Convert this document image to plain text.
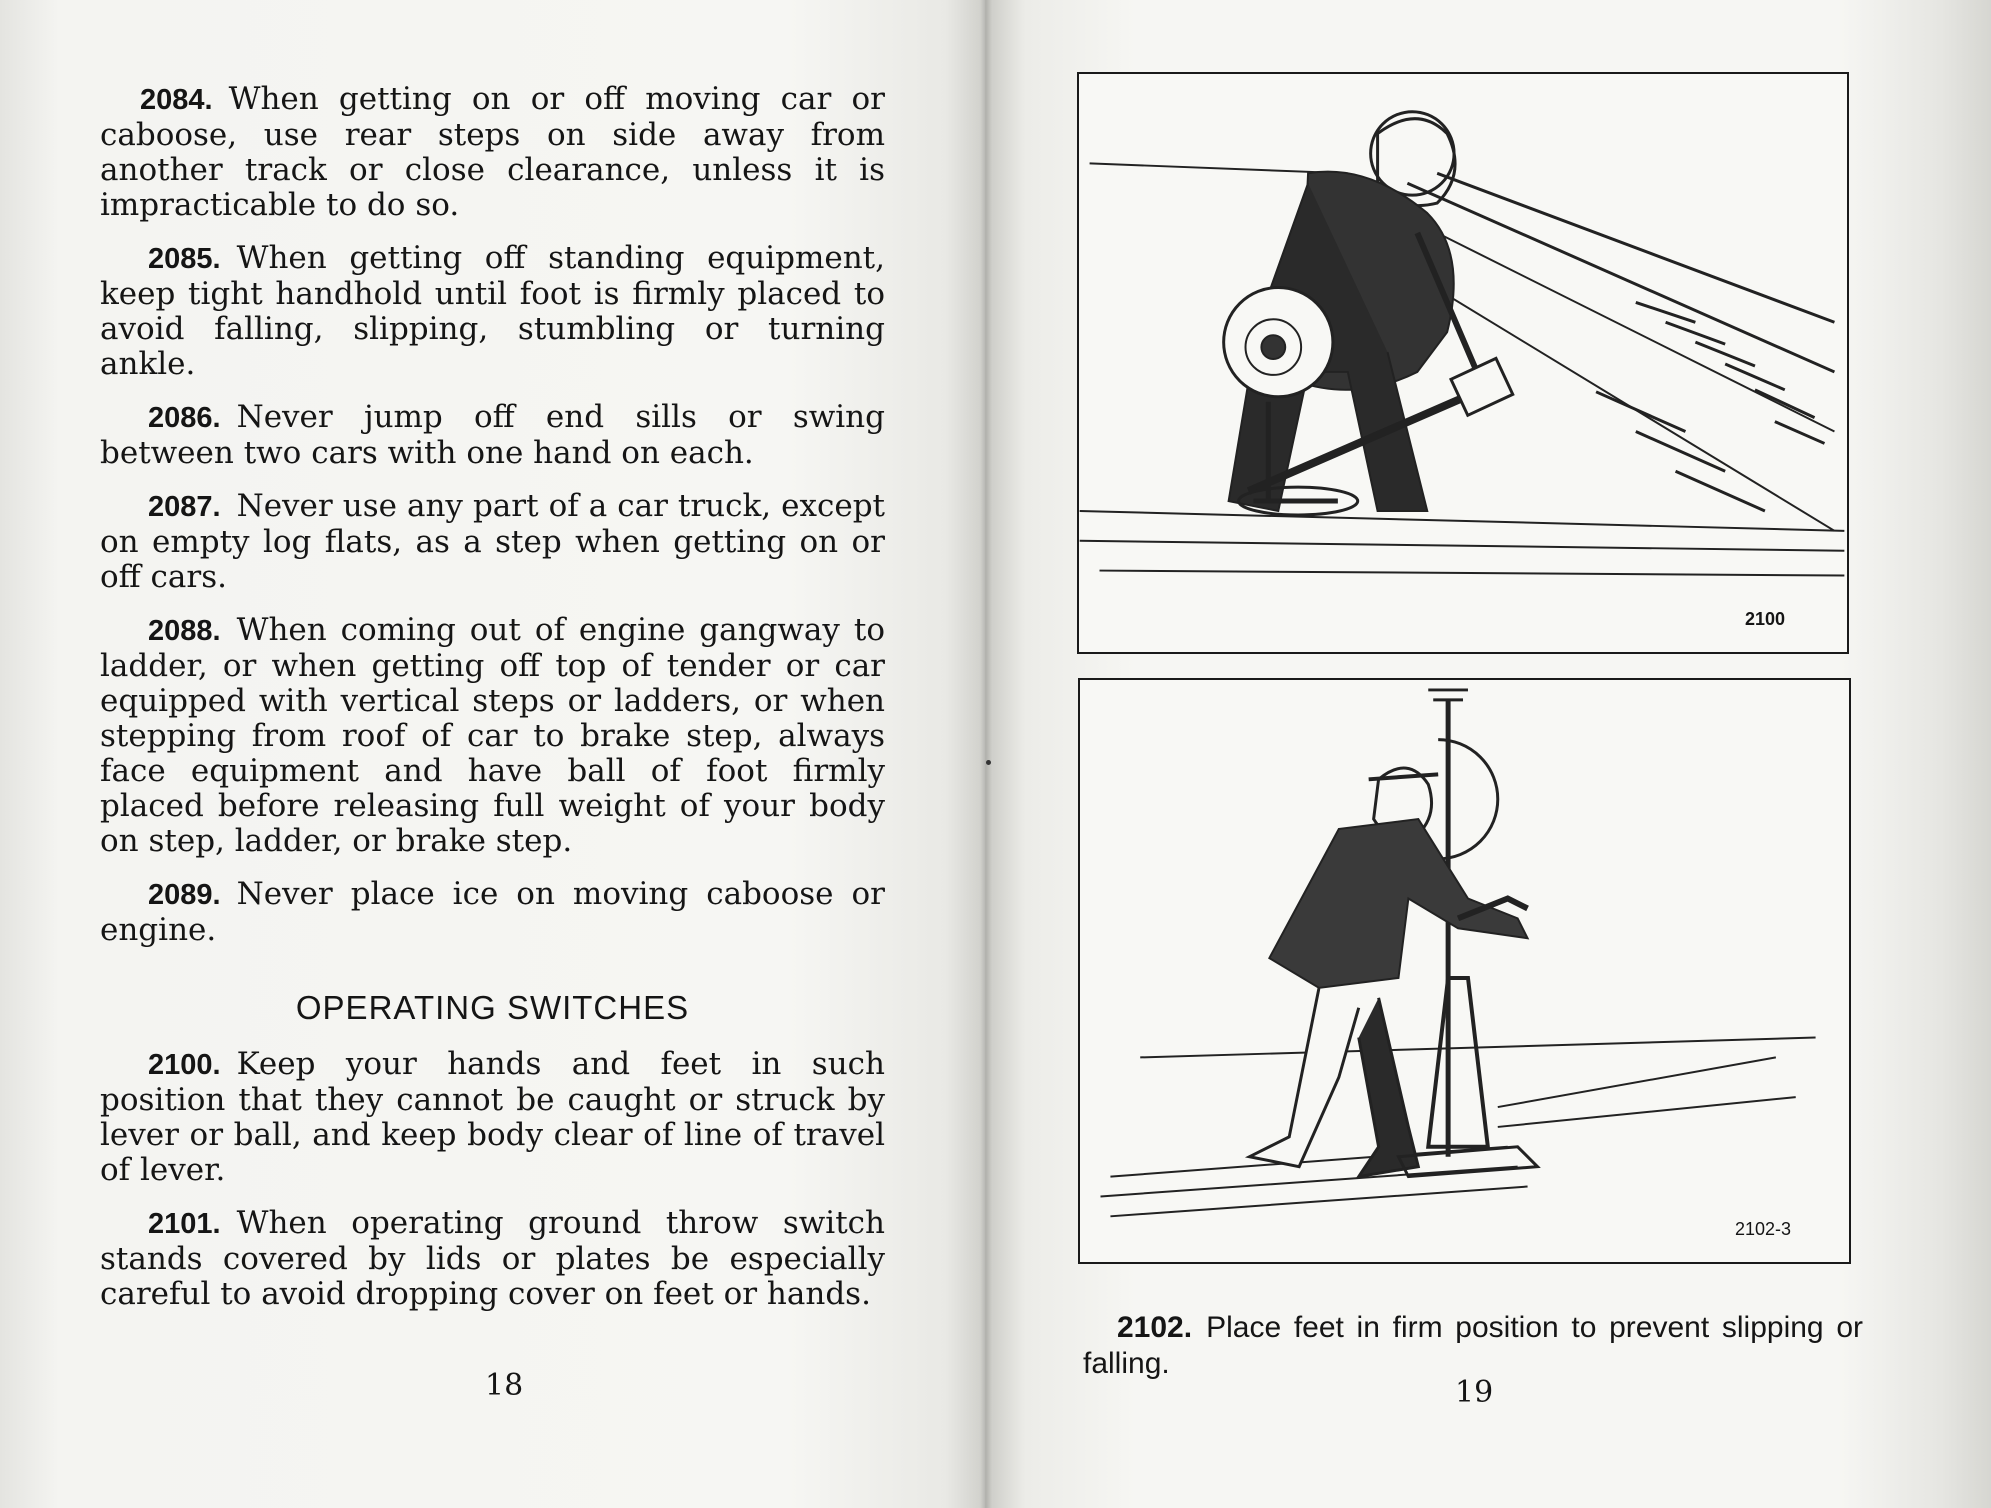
2084. When getting on or off moving car or caboose, use rear steps on side away from another track or close clearance, unless it is impracticable to do so.

2085. When getting off standing equipment, keep tight handhold until foot is firmly placed to avoid falling, slipping, stumbling or turning ankle.

2086. Never jump off end sills or swing between two cars with one hand on each.

2087. Never use any part of a car truck, except on empty log flats, as a step when getting on or off cars.

2088. When coming out of engine gangway to ladder, or when getting off top of tender or car equipped with vertical steps or ladders, or when stepping from roof of car to brake step, always face equipment and have ball of foot firmly placed before releasing full weight of your body on step, ladder, or brake step.

2089. Never place ice on moving caboose or engine.

OPERATING SWITCHES

2100. Keep your hands and feet in such position that they cannot be caught or struck by lever or ball, and keep body clear of line of travel of lever.

2101. When operating ground throw switch stands covered by lids or plates be especially careful to avoid dropping cover on feet or hands.

18
2100
2102-3

2102. Place feet in firm position to prevent slipping or falling.

19
